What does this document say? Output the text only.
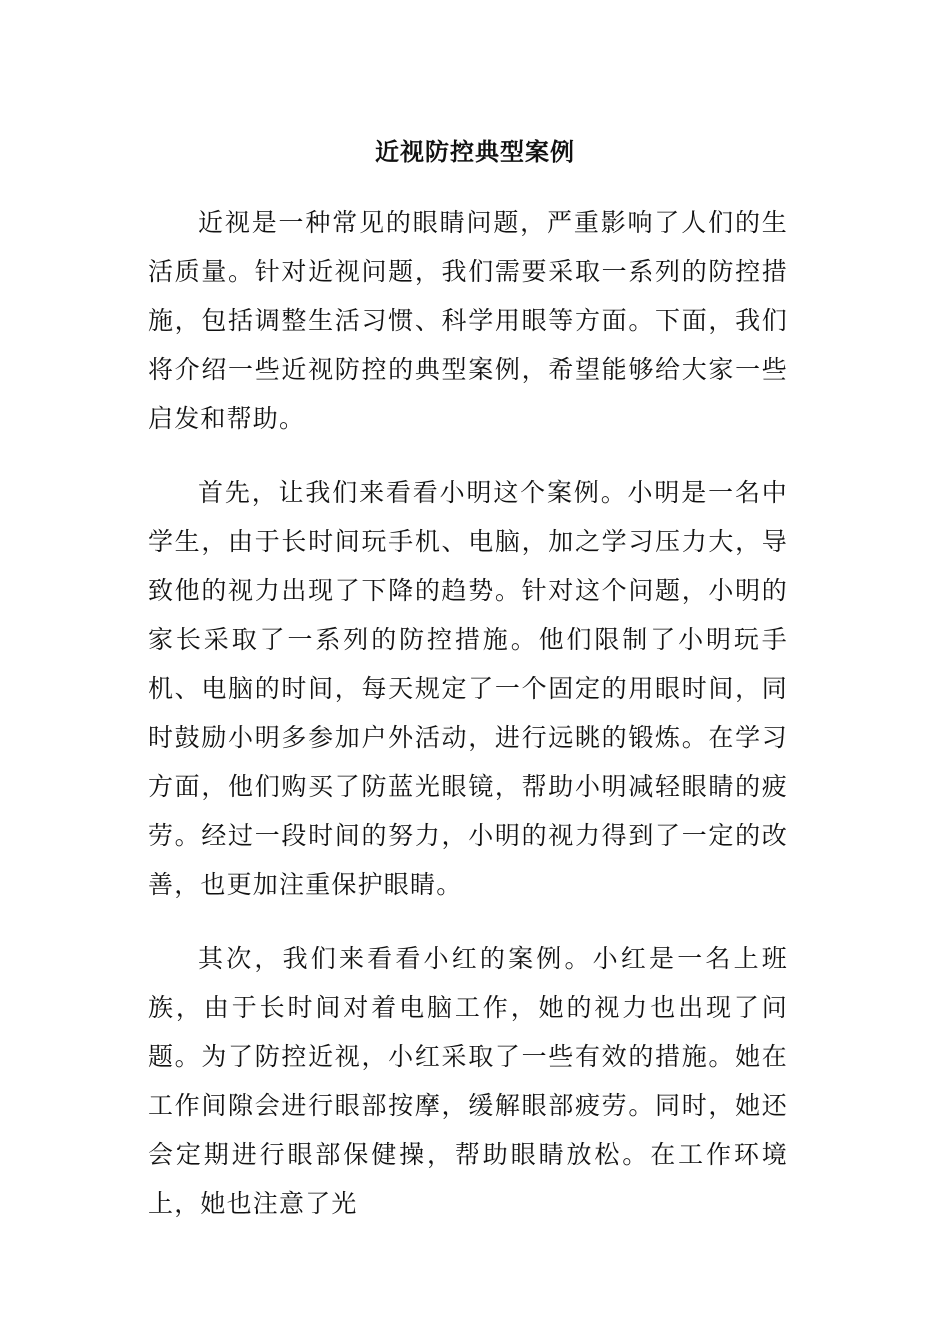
近视防控典型案例

近视是一种常见的眼睛问题，严重影响了人们的生活质量。针对近视问题，我们需要采取一系列的防控措施，包括调整生活习惯、科学用眼等方面。下面，我们将介绍一些近视防控的典型案例，希望能够给大家一些启发和帮助。

首先，让我们来看看小明这个案例。小明是一名中学生，由于长时间玩手机、电脑，加之学习压力大，导致他的视力出现了下降的趋势。针对这个问题，小明的家长采取了一系列的防控措施。他们限制了小明玩手机、电脑的时间，每天规定了一个固定的用眼时间，同时鼓励小明多参加户外活动，进行远眺的锻炼。在学习方面，他们购买了防蓝光眼镜，帮助小明减轻眼睛的疲劳。经过一段时间的努力，小明的视力得到了一定的改善，也更加注重保护眼睛。

其次，我们来看看小红的案例。小红是一名上班族，由于长时间对着电脑工作，她的视力也出现了问题。为了防控近视，小红采取了一些有效的措施。她在工作间隙会进行眼部按摩，缓解眼部疲劳。同时，她还会定期进行眼部保健操，帮助眼睛放松。在工作环境上，她也注意了光
